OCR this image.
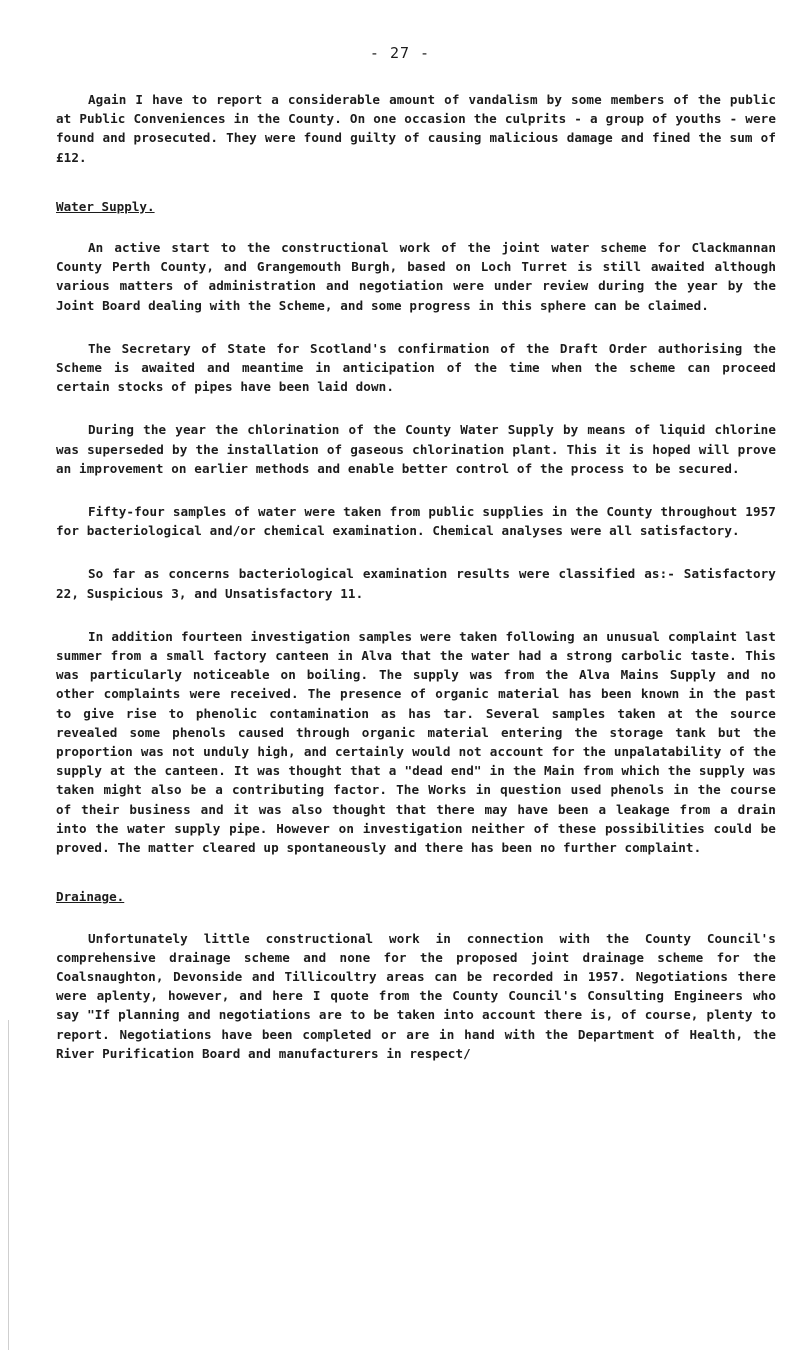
- 27 -

Again I have to report a considerable amount of vandalism by some members of the public at Public Conveniences in the County. On one occasion the culprits - a group of youths - were found and prosecuted. They were found guilty of causing malicious damage and fined the sum of £12.

Water Supply.

An active start to the constructional work of the joint water scheme for Clackmannan County Perth County, and Grangemouth Burgh, based on Loch Turret is still awaited although various matters of administration and negotiation were under review during the year by the Joint Board dealing with the Scheme, and some progress in this sphere can be claimed.

The Secretary of State for Scotland's confirmation of the Draft Order authorising the Scheme is awaited and meantime in anticipation of the time when the scheme can proceed certain stocks of pipes have been laid down.

During the year the chlorination of the County Water Supply by means of liquid chlorine was superseded by the installation of gaseous chlorination plant. This it is hoped will prove an improvement on earlier methods and enable better control of the process to be secured.

Fifty-four samples of water were taken from public supplies in the County throughout 1957 for bacteriological and/or chemical examination. Chemical analyses were all satisfactory.

So far as concerns bacteriological examination results were classified as:- Satisfactory 22, Suspicious 3, and Unsatisfactory 11.

In addition fourteen investigation samples were taken following an unusual complaint last summer from a small factory canteen in Alva that the water had a strong carbolic taste. This was particularly noticeable on boiling. The supply was from the Alva Mains Supply and no other complaints were received. The presence of organic material has been known in the past to give rise to phenolic contamination as has tar. Several samples taken at the source revealed some phenols caused through organic material entering the storage tank but the proportion was not unduly high, and certainly would not account for the unpalatability of the supply at the canteen. It was thought that a "dead end" in the Main from which the supply was taken might also be a contributing factor. The Works in question used phenols in the course of their business and it was also thought that there may have been a leakage from a drain into the water supply pipe. However on investigation neither of these possibilities could be proved. The matter cleared up spontaneously and there has been no further complaint.

Drainage.

Unfortunately little constructional work in connection with the County Council's comprehensive drainage scheme and none for the proposed joint drainage scheme for the Coalsnaughton, Devonside and Tillicoultry areas can be recorded in 1957. Negotiations there were aplenty, however, and here I quote from the County Council's Consulting Engineers who say "If planning and negotiations are to be taken into account there is, of course, plenty to report. Negotiations have been completed or are in hand with the Department of Health, the River Purification Board and manufacturers in respect/
